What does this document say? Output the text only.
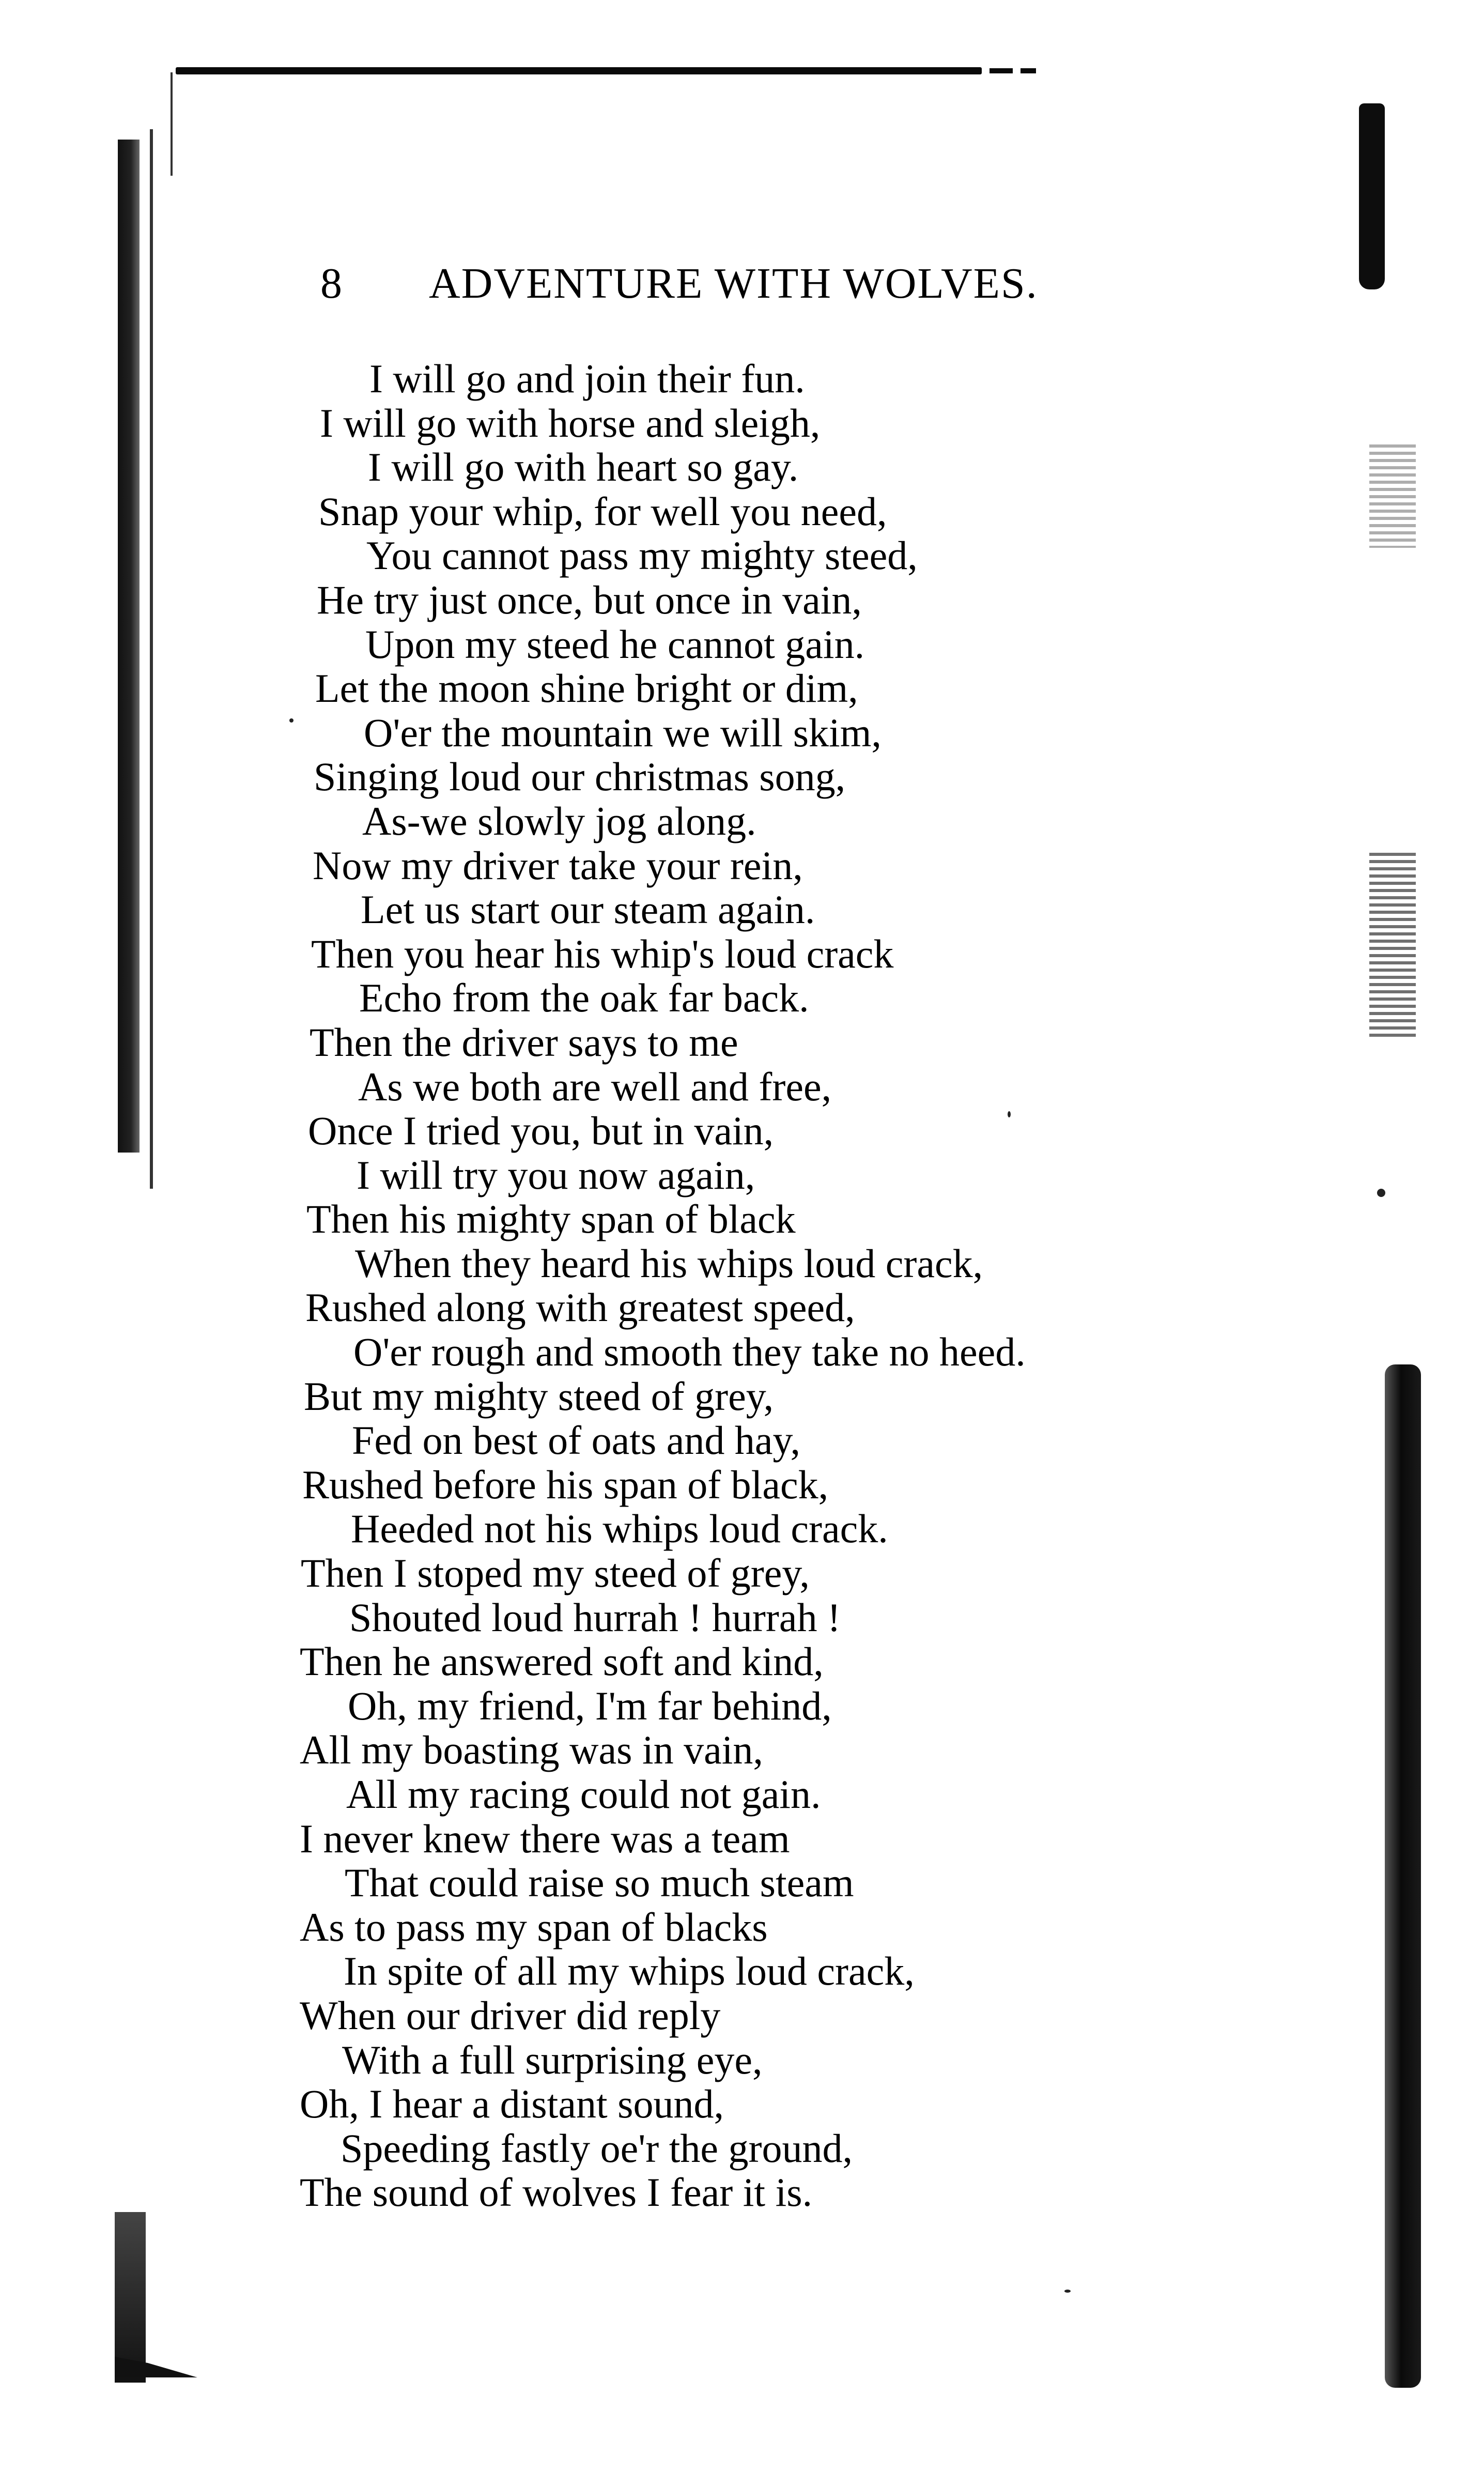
8 ADVENTURE WITH WOLVES.
I will go and join their fun.
I will go with horse and sleigh,
I will go with heart so gay.
Snap your whip, for well you need,
You cannot pass my mighty steed,
He try just once, but once in vain,
Upon my steed he cannot gain.
Let the moon shine bright or dim,
O'er the mountain we will skim,
Singing loud our christmas song,
As-we slowly jog along.
Now my driver take your rein,
Let us start our steam again.
Then you hear his whip's loud crack
Echo from the oak far back.
Then the driver says to me
As we both are well and free,
Once I tried you, but in vain,
I will try you now again,
Then his mighty span of black
When they heard his whips loud crack,
Rushed along with greatest speed,
O'er rough and smooth they take no heed.
But my mighty steed of grey,
Fed on best of oats and hay,
Rushed before his span of black,
Heeded not his whips loud crack.
Then I stoped my steed of grey,
Shouted loud hurrah ! hurrah !
Then he answered soft and kind,
Oh, my friend, I'm far behind,
All my boasting was in vain,
All my racing could not gain.
I never knew there was a team
That could raise so much steam
As to pass my span of blacks
In spite of all my whips loud crack,
When our driver did reply
With a full surprising eye,
Oh, I hear a distant sound,
Speeding fastly oe'r the ground,
The sound of wolves I fear it is.
